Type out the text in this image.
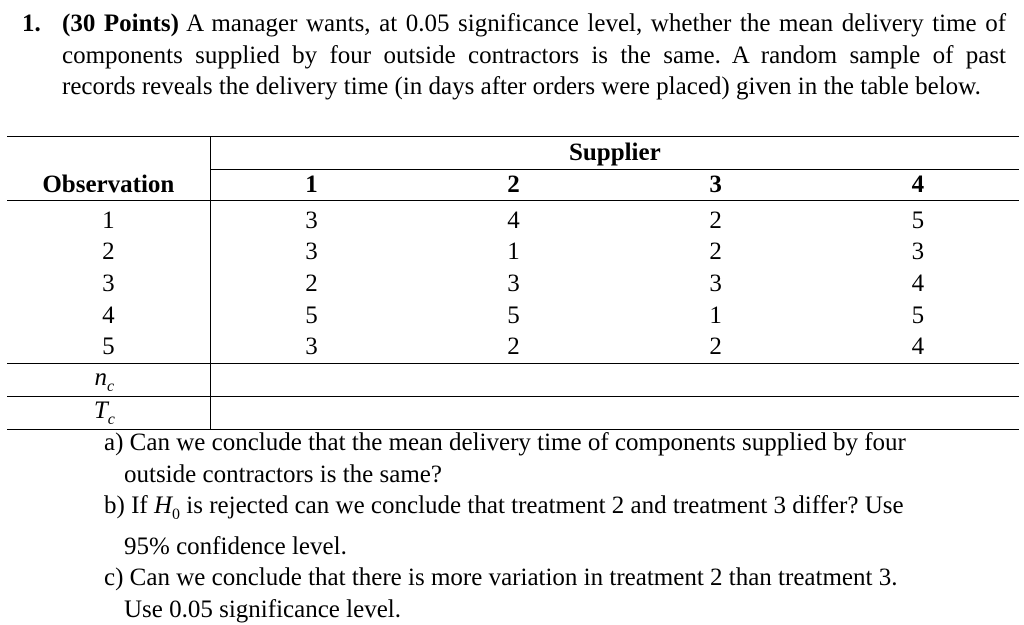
1. (30 Points) A manager wants, at 0.05 significance level, whether the mean delivery time of components supplied by four outside contractors is the same. A random sample of past records reveals the delivery time (in days after orders were placed) given in the table below.
	Supplier			
Observation	1	2	3	4
1	3	4	2	5
2	3	1	2	3
3	2	3	3	4
4	5	5	1	5
5	3	2	2	4
$n_c$	
$T_c$	

a) Can we conclude that the mean delivery time of components supplied by four
outside contractors is the same?

b) If $H_0$ is rejected can we conclude that treatment 2 and treatment 3 differ? Use
95% confidence level.

c) Can we conclude that there is more variation in treatment 2 than treatment 3.
Use 0.05 significance level.
